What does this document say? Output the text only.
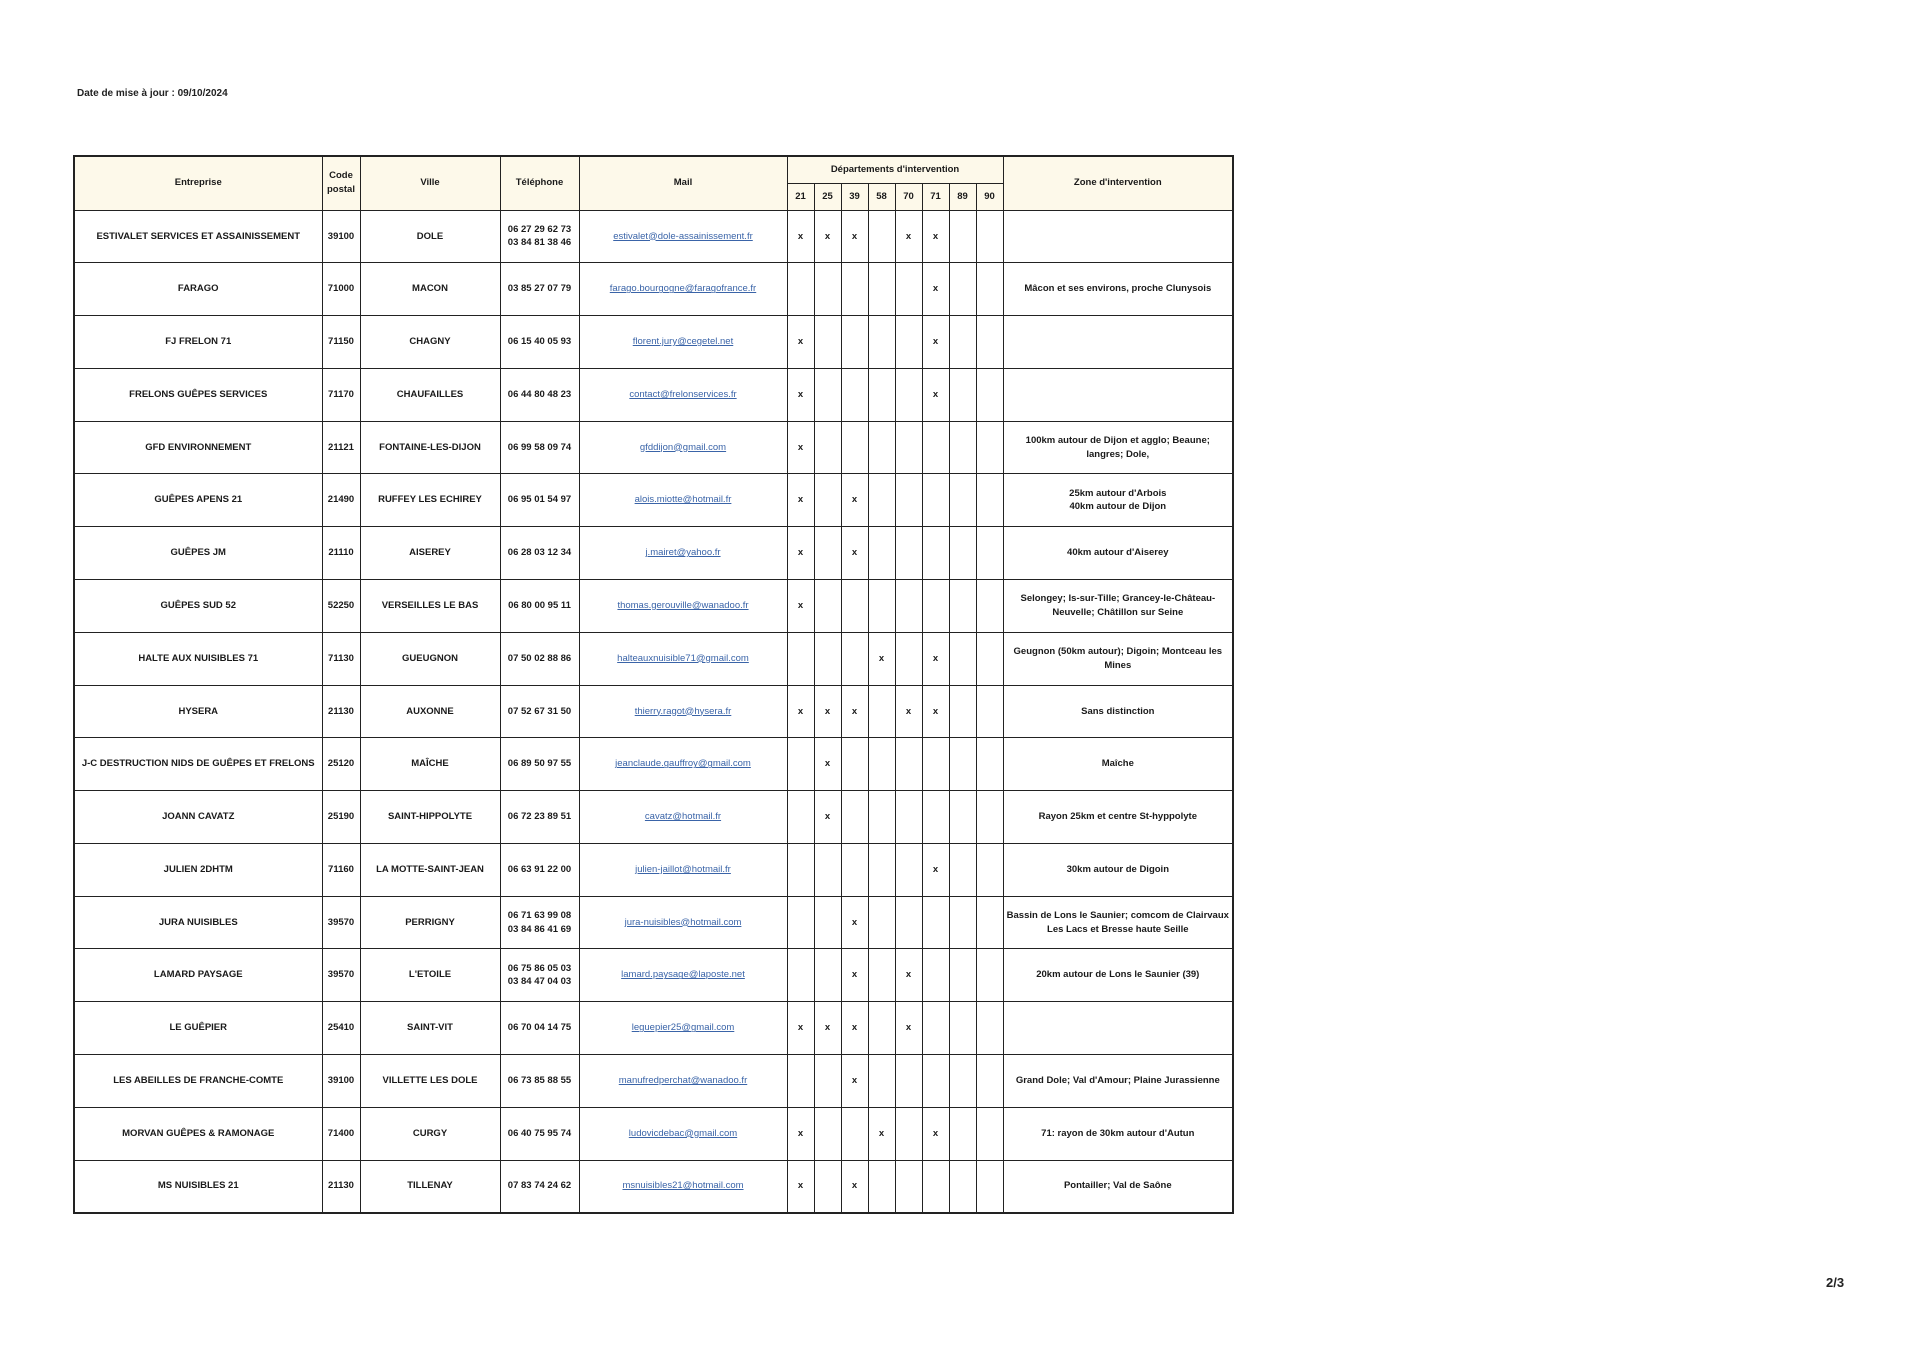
Date de mise à jour : 09/10/2024
Entreprise	Code postal	Ville	Téléphone	Mail	Départements d'intervention								Zone d'intervention
					21	25	39	58	70	71	89	90	
ESTIVALET SERVICES ET ASSAINISSEMENT	39100	DOLE	06 27 29 62 73
03 84 81 38 46	estivalet@dole-assainissement.fr	x	x	x		x	x			
FARAGO	71000	MACON	03 85 27 07 79	farago.bourgogne@faragofrance.fr						x			Mâcon et ses environs, proche Clunysois

FJ FRELON 71	71150	CHAGNY	06 15 40 05 93	florent.jury@cegetel.net	x					x			
FRELONS GUÊPES SERVICES	71170	CHAUFAILLES	06 44 80 48 23	contact@frelonservices.fr	x					x			
GFD ENVIRONNEMENT	21121	FONTAINE-LES-DIJON	06 99 58 09 74	gfddijon@gmail.com	x								100km autour de Dijon et agglo; Beaune; langres; Dole,

GUÊPES APENS 21	21490	RUFFEY LES ECHIREY	06 95 01 54 97	alois.miotte@hotmail.fr	x		x						25km autour d'Arbois
40km autour de Dijon

GUÊPES JM	21110	AISEREY	06 28 03 12 34	j.mairet@yahoo.fr	x		x						40km autour d'Aiserey

GUÊPES SUD 52	52250	VERSEILLES LE BAS	06 80 00 95 11	thomas.gerouville@wanadoo.fr	x								Selongey; Is-sur-Tille; Grancey-le-Château-Neuvelle; Châtillon sur Seine

HALTE AUX NUISIBLES 71	71130	GUEUGNON	07 50 02 88 86	halteauxnuisible71@gmail.com				x		x			Geugnon (50km autour); Digoin; Montceau les Mines

HYSERA	21130	AUXONNE	07 52 67 31 50	thierry.ragot@hysera.fr	x	x	x		x	x			Sans distinction

J-C DESTRUCTION NIDS DE GUÊPES ET FRELONS	25120	MAÎCHE	06 89 50 97 55	jeanclaude.gauffroy@gmail.com		x							Maîche

JOANN CAVATZ	25190	SAINT-HIPPOLYTE	06 72 23 89 51	cavatz@hotmail.fr		x							Rayon 25km et centre St-hyppolyte

JULIEN 2DHTM	71160	LA MOTTE-SAINT-JEAN	06 63 91 22 00	julien-jaillot@hotmail.fr						x			30km autour de Digoin

JURA NUISIBLES	39570	PERRIGNY	06 71 63 99 08
03 84 86 41 69	jura-nuisibles@hotmail.com			x						Bassin de Lons le Saunier; comcom de Clairvaux Les Lacs et Bresse haute Seille

LAMARD PAYSAGE	39570	L'ETOILE	06 75 86 05 03
03 84 47 04 03	lamard.paysage@laposte.net			x		x				20km autour de Lons le Saunier (39)

LE GUÊPIER	25410	SAINT-VIT	06 70 04 14 75	leguepier25@gmail.com	x	x	x		x				
LES ABEILLES DE FRANCHE-COMTE	39100	VILLETTE LES DOLE	06 73 85 88 55	manufredperchat@wanadoo.fr			x						Grand Dole; Val d'Amour; Plaine Jurassienne

MORVAN GUÊPES & RAMONAGE	71400	CURGY	06 40 75 95 74	ludovicdebac@gmail.com	x			x		x			71: rayon de 30km autour d'Autun

MS NUISIBLES 21	21130	TILLENAY	07 83 74 24 62	msnuisibles21@hotmail.com	x		x						Pontailler; Val de Saône
2/3
